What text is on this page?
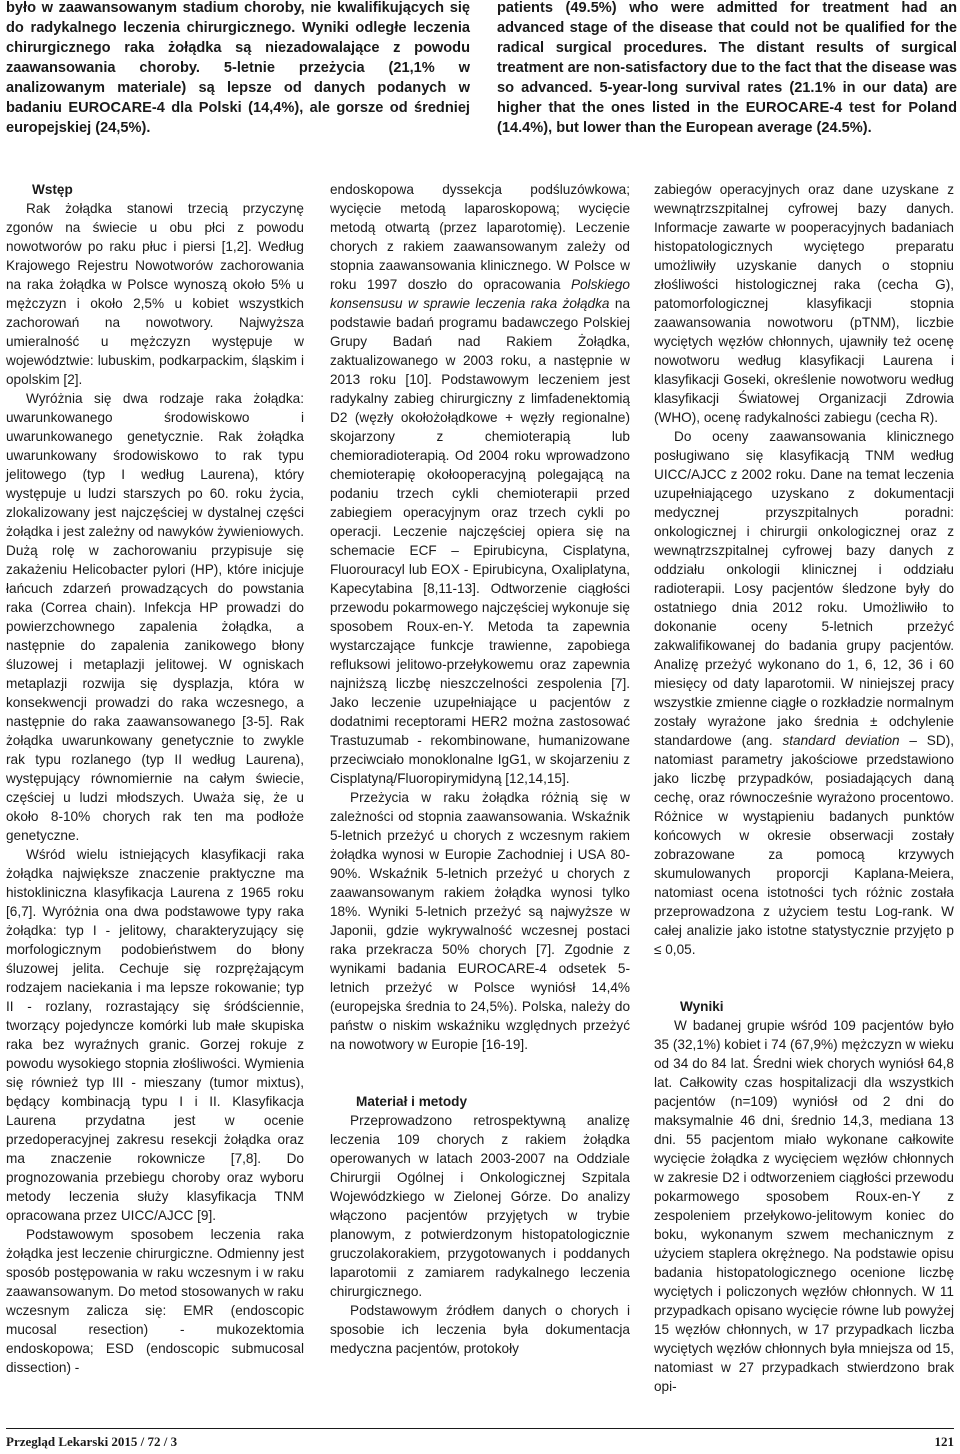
było w zaawansowanym stadium choroby, nie kwalifikujących się do radykalnego leczenia chirurgicznego. Wyniki odległe leczenia chirurgicznego raka żołądka są niezadowalające z powodu zaawansowania choroby. 5-letnie przeżycia (21,1% w analizowanym materiale) są lepsze od danych podanych w badaniu EUROCARE-4 dla Polski (14,4%), ale gorsze od średniej europejskiej (24,5%).
patients (49.5%) who were admitted for treatment had an advanced stage of the disease that could not be qualified for the radical surgical procedures. The distant results of surgical treatment are non-satisfactory due to the fact that the disease was so advanced. 5-year-long survival rates (21.1% in our data) are higher that the ones listed in the EUROCARE-4 test for Poland (14.4%), but lower than the European average (24.5%).
Wstęp

Rak żołądka stanowi trzecią przyczynę zgonów na świecie u obu płci z powodu nowotworów po raku płuc i piersi [1,2]. Według Krajowego Rejestru Nowotworów zachorowania na raka żołądka w Polsce wynoszą około 5% u mężczyzn i około 2,5% u kobiet wszystkich zachorowań na nowotwory. Najwyższa umieralność u mężczyzn występuje w województwie: lubuskim, podkarpackim, śląskim i opolskim [2].

Wyróżnia się dwa rodzaje raka żołądka: uwarunkowanego środowiskowo i uwarunkowanego genetycznie. Rak żołądka uwarunkowany środowiskowo to rak typu jelitowego (typ I według Laurena), który występuje u ludzi starszych po 60. roku życia, zlokalizowany jest najczęściej w dystalnej części żołądka i jest zależny od nawyków żywieniowych. Dużą rolę w zachorowaniu przypisuje się zakażeniu Helicobacter pylori (HP), które inicjuje łańcuch zdarzeń prowadzących do powstania raka (Correa chain). Infekcja HP prowadzi do powierzchownego zapalenia żołądka, a następnie do zapalenia zanikowego błony śluzowej i metaplazji jelitowej. W ogniskach metaplazji rozwija się dysplazja, która w konsekwencji prowadzi do raka wczesnego, a następnie do raka zaawansowanego [3-5]. Rak żołądka uwarunkowany genetycznie to zwykle rak typu rozlanego (typ II według Laurena), występujący równomiernie na całym świecie, częściej u ludzi młodszych. Uważa się, że u około 8-10% chorych rak ten ma podłoże genetyczne.

Wśród wielu istniejących klasyfikacji raka żołądka największe znaczenie praktyczne ma histokliniczna klasyfikacja Laurena z 1965 roku [6,7]. Wyróżnia ona dwa podstawowe typy raka żołądka: typ I - jelitowy, charakteryzujący się morfologicznym podobieństwem do błony śluzowej jelita. Cechuje się rozprężającym rodzajem naciekania i ma lepsze rokowanie; typ II - rozlany, rozrastający się śródściennie, tworzący pojedyncze komórki lub małe skupiska raka bez wyraźnych granic. Gorzej rokuje z powodu wysokiego stopnia złośliwości. Wymienia się również typ III - mieszany (tumor mixtus), będący kombinacją typu I i II. Klasyfikacja Laurena przydatna jest w ocenie przedoperacyjnej zakresu resekcji żołądka oraz ma znaczenie rokownicze [7,8]. Do prognozowania przebiegu choroby oraz wyboru metody leczenia służy klasyfikacja TNM opracowana przez UICC/AJCC [9].

Podstawowym sposobem leczenia raka żołądka jest leczenie chirurgiczne. Odmienny jest sposób postępowania w raku wczesnym i w raku zaawansowanym. Do metod stosowanych w raku wczesnym zalicza się: EMR (endoscopic mucosal resection) - mukozektomia endoskopowa; ESD (endoscopic submucosal dissection) -

endoskopowa dyssekcja podśluzówkowa; wycięcie metodą laparoskopową; wycięcie metodą otwartą (przez laparotomię). Leczenie chorych z rakiem zaawansowanym zależy od stopnia zaawansowania klinicznego. W Polsce w roku 1997 doszło do opracowania Polskiego konsensusu w sprawie leczenia raka żołądka na podstawie badań programu badawczego Polskiej Grupy Badań nad Rakiem Żołądka, zaktualizowanego w 2003 roku, a następnie w 2013 roku [10]. Podstawowym leczeniem jest radykalny zabieg chirurgiczny z limfadenektomią D2 (węzły okołożołądkowe + węzły regionalne) skojarzony z chemioterapią lub chemioradioterapią. Od 2004 roku wprowadzono chemioterapię okołooperacyjną polegającą na podaniu trzech cykli chemioterapii przed zabiegiem operacyjnym oraz trzech cykli po operacji. Leczenie najczęściej opiera się na schemacie ECF – Epirubicyna, Cisplatyna, Fluorouracyl lub EOX - Epirubicyna, Oxaliplatyna, Kapecytabina [8,11-13]. Odtworzenie ciągłości przewodu pokarmowego najczęściej wykonuje się sposobem Roux-en-Y. Metoda ta zapewnia wystarczające funkcje trawienne, zapobiega refluksowi jelitowo-przełykowemu oraz zapewnia najniższą liczbę nieszczelności zespolenia [7]. Jako leczenie uzupełniające u pacjentów z dodatnimi receptorami HER2 można zastosować Trastuzumab - rekombinowane, humanizowane przeciwciało monoklonalne IgG1, w skojarzeniu z Cisplatyną/Fluoropirymidyną [12,14,15].

Przeżycia w raku żołądka różnią się w zależności od stopnia zaawansowania. Wskaźnik 5-letnich przeżyć u chorych z wczesnym rakiem żołądka wynosi w Europie Zachodniej i USA 80-90%. Wskaźnik 5-letnich przeżyć u chorych z zaawansowanym rakiem żołądka wynosi tylko 18%. Wyniki 5-letnich przeżyć są najwyższe w Japonii, gdzie wykrywalność wczesnej postaci raka przekracza 50% chorych [7]. Zgodnie z wynikami badania EUROCARE-4 odsetek 5-letnich przeżyć w Polsce wyniósł 14,4% (europejska średnia to 24,5%). Polska, należy do państw o niskim wskaźniku względnych przeżyć na nowotwory w Europie [16-19].

Materiał i metody

Przeprowadzono retrospektywną analizę leczenia 109 chorych z rakiem żołądka operowanych w latach 2003-2007 na Oddziale Chirurgii Ogólnej i Onkologicznej Szpitala Wojewódzkiego w Zielonej Górze. Do analizy włączono pacjentów przyjętych w trybie planowym, z potwierdzonym histopatologicznie gruczolakorakiem, przygotowanych i poddanych laparotomii z zamiarem radykalnego leczenia chirurgicznego.

Podstawowym źródłem danych o chorych i sposobie ich leczenia była dokumentacja medyczna pacjentów, protokoły

zabiegów operacyjnych oraz dane uzyskane z wewnątrzszpitalnej cyfrowej bazy danych. Informacje zawarte w pooperacyjnych badaniach histopatologicznych wyciętego preparatu umożliwiły uzyskanie danych o stopniu złośliwości histologicznej raka (cecha G), patomorfologicznej klasyfikacji stopnia zaawansowania nowotworu (pTNM), liczbie wyciętych węzłów chłonnych, ujawniły też ocenę nowotworu według klasyfikacji Laurena i klasyfikacji Goseki, określenie nowotworu według klasyfikacji Światowej Organizacji Zdrowia (WHO), ocenę radykalności zabiegu (cecha R).

Do oceny zaawansowania klinicznego posługiwano się klasyfikacją TNM według UICC/AJCC z 2002 roku. Dane na temat leczenia uzupełniającego uzyskano z dokumentacji medycznej przyszpitalnych poradni: onkologicznej i chirurgii onkologicznej oraz z wewnątrzszpitalnej cyfrowej bazy danych z oddziału onkologii klinicznej i oddziału radioterapii. Losy pacjentów śledzone były do ostatniego dnia 2012 roku. Umożliwiło to dokonanie oceny 5-letnich przeżyć zakwalifikowanej do badania grupy pacjentów. Analizę przeżyć wykonano do 1, 6, 12, 36 i 60 miesięcy od daty laparotomii. W niniejszej pracy wszystkie zmienne ciągłe o rozkładzie normalnym zostały wyrażone jako średnia ± odchylenie standardowe (ang. standard deviation – SD), natomiast parametry jakościowe przedstawiono jako liczbę przypadków, posiadających daną cechę, oraz równocześnie wyrażono procentowo. Różnice w wystąpieniu badanych punktów końcowych w okresie obserwacji zostały zobrazowane za pomocą krzywych skumulowanych proporcji Kaplana-Meiera, natomiast ocena istotności tych różnic została przeprowadzona z użyciem testu Log-rank. W całej analizie jako istotne statystycznie przyjęto p ≤ 0,05.

Wyniki

W badanej grupie wśród 109 pacjentów było 35 (32,1%) kobiet i 74 (67,9%) mężczyzn w wieku od 34 do 84 lat. Średni wiek chorych wyniósł 64,8 lat. Całkowity czas hospitalizacji dla wszystkich pacjentów (n=109) wyniósł od 2 dni do maksymalnie 46 dni, średnio 14,3, mediana 13 dni. 55 pacjentom miało wykonane całkowite wycięcie żołądka z wycięciem węzłów chłonnych w zakresie D2 i odtworzeniem ciągłości przewodu pokarmowego sposobem Roux-en-Y z zespoleniem przełykowo-jelitowym koniec do boku, wykonanym szwem mechanicznym z użyciem staplera okrężnego. Na podstawie opisu badania histopatologicznego ocenione liczbę wyciętych i policzonych węzłów chłonnych. W 11 przypadkach opisano wycięcie równe lub powyżej 15 węzłów chłonnych, w 17 przypadkach liczba wyciętych węzłów chłonnych była mniejsza od 15, natomiast w 27 przypadkach stwierdzono brak opi-

Przegląd Lekarski 2015 / 72 / 3	121
